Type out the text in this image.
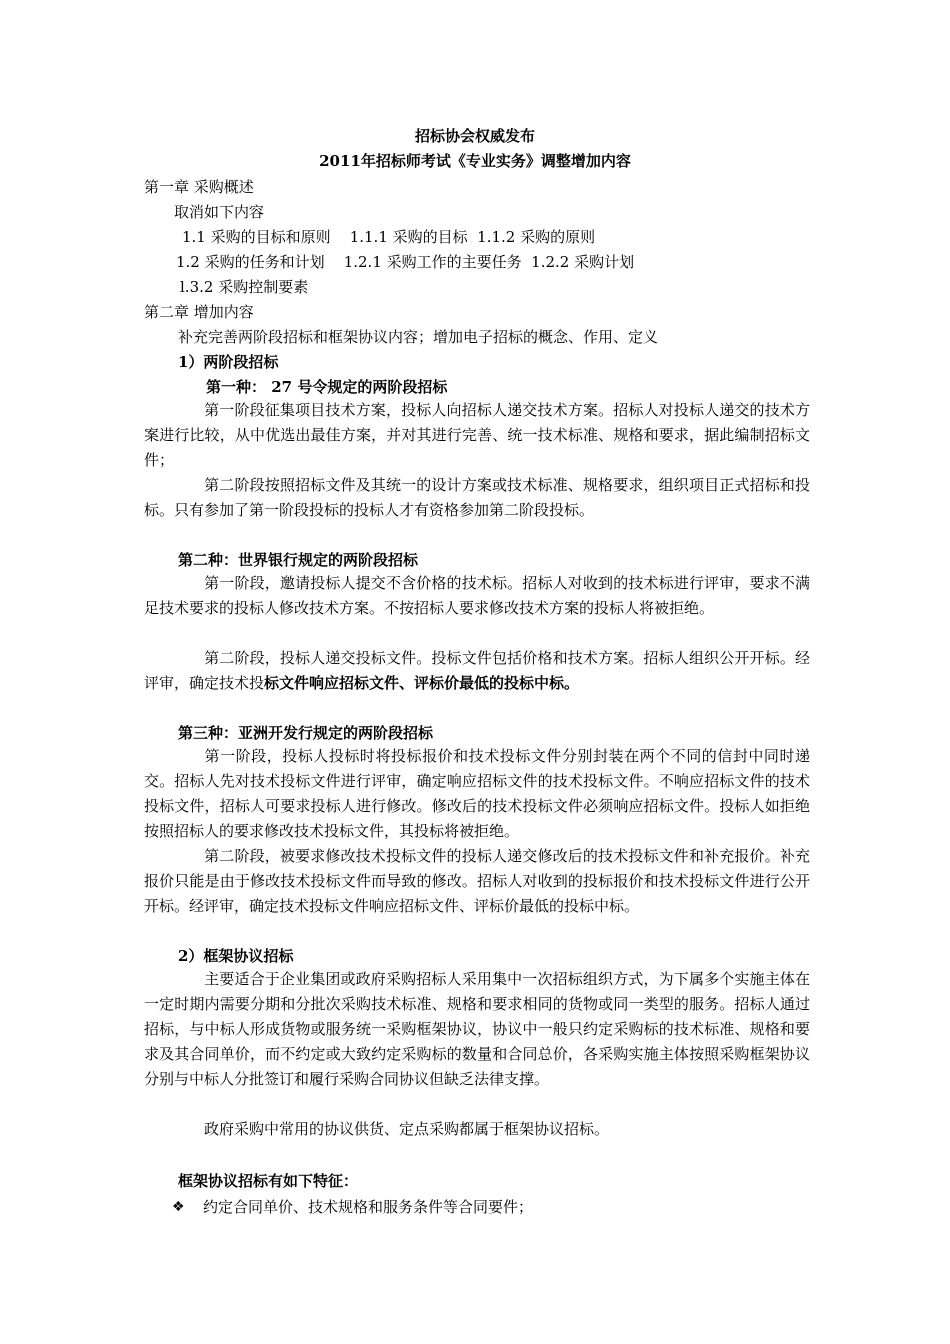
招标协会权威发布
2011年招标师考试《专业实务》调整增加内容
第一章 采购概述
取消如下内容
1.1 采购的目标和原则    1.1.1 采购的目标  1.1.2 采购的原则
1.2 采购的任务和计划    1.2.1 采购工作的主要任务  1.2.2 采购计划
l.3.2 采购控制要素
第二章 增加内容
补充完善两阶段招标和框架协议内容；增加电子招标的概念、作用、定义
1）两阶段招标
第一种： 27 号令规定的两阶段招标
第一阶段征集项目技术方案，投标人向招标人递交技术方案。招标人对投标人递交的技术方案进行比较，从中优选出最佳方案，并对其进行完善、统一技术标准、规格和要求，据此编制招标文件；
第二阶段按照招标文件及其统一的设计方案或技术标准、规格要求，组织项目正式招标和投标。只有参加了第一阶段投标的投标人才有资格参加第二阶段投标。
第二种：世界银行规定的两阶段招标
第一阶段，邀请投标人提交不含价格的技术标。招标人对收到的技术标进行评审，要求不满足技术要求的投标人修改技术方案。不按招标人要求修改技术方案的投标人将被拒绝。
第二阶段，投标人递交投标文件。投标文件包括价格和技术方案。招标人组织公开开标。经评审，确定技术投标文件响应招标文件、评标价最低的投标中标。
第三种：亚洲开发行规定的两阶段招标
第一阶段，投标人投标时将投标报价和技术投标文件分别封装在两个不同的信封中同时递交。招标人先对技术投标文件进行评审，确定响应招标文件的技术投标文件。不响应招标文件的技术投标文件，招标人可要求投标人进行修改。修改后的技术投标文件必须响应招标文件。投标人如拒绝按照招标人的要求修改技术投标文件，其投标将被拒绝。
第二阶段，被要求修改技术投标文件的投标人递交修改后的技术投标文件和补充报价。补充报价只能是由于修改技术投标文件而导致的修改。招标人对收到的投标报价和技术投标文件进行公开开标。经评审，确定技术投标文件响应招标文件、评标价最低的投标中标。
2）框架协议招标
主要适合于企业集团或政府采购招标人采用集中一次招标组织方式，为下属多个实施主体在一定时期内需要分期和分批次采购技术标准、规格和要求相同的货物或同一类型的服务。招标人通过招标，与中标人形成货物或服务统一采购框架协议，协议中一般只约定采购标的技术标准、规格和要求及其合同单价，而不约定或大致约定采购标的数量和合同总价，各采购实施主体按照采购框架协议分别与中标人分批签订和履行采购合同协议但缺乏法律支撑。
政府采购中常用的协议供货、定点采购都属于框架协议招标。
框架协议招标有如下特征：
❖ 约定合同单价、技术规格和服务条件等合同要件；
